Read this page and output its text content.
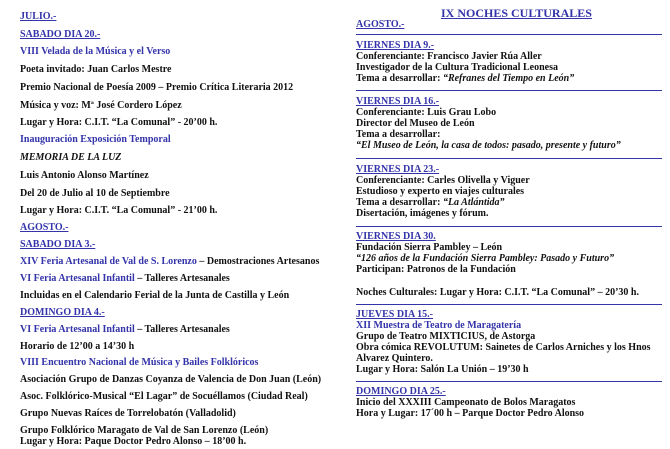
JULIO.-
SABADO DIA 20.-
VIII Velada de la Música y el Verso
Poeta invitado: Juan Carlos Mestre
Premio Nacional de Poesía 2009 – Premio Crítica Literaria 2012
Música y voz: Mª José Cordero López
Lugar y Hora: C.I.T. “La Comunal” - 20’00 h.
Inauguración Exposición Temporal
MEMORIA DE LA LUZ
Luis Antonio Alonso Martínez
Del 20 de Julio al 10 de Septiembre
Lugar y Hora: C.I.T. “La Comunal” - 21’00 h.
AGOSTO.-
SABADO DIA 3.-
XIV Feria Artesanal de Val de S. Lorenzo – Demostraciones Artesanos
VI Feria Artesanal Infantil – Talleres Artesanales
Incluidas en el Calendario Ferial de la Junta de Castilla y León
DOMINGO DIA 4.-
VI Feria Artesanal Infantil – Talleres Artesanales
Horario de 12’00 a 14’30 h
VIII Encuentro Nacional de Música y Bailes Folklóricos
Asociación Grupo de Danzas Coyanza de Valencia de Don Juan (León)
Asoc. Folklórico-Musical “El Lagar” de Socuéllamos (Ciudad Real)
Grupo Nuevas Raíces de Torrelobatón (Valladolid)
Grupo Folklórico Maragato de Val de San Lorenzo (León)
Lugar y Hora: Paque Doctor Pedro Alonso – 18’00 h.
IX NOCHES CULTURALES
AGOSTO.-
VIERNES DIA 9.-
Conferenciante: Francisco Javier Rúa Aller
Investigador de la Cultura Tradicional Leonesa
Tema a desarrollar: “Refranes del Tiempo en León”
VIERNES DIA 16.-
Conferenciante: Luis Grau Lobo
Director del Museo de León
Tema a desarrollar:
“El Museo de León, la casa de todos: pasado, presente y futuro”
VIERNES DIA 23.-
Conferenciante: Carles Olivella y Viguer
Estudioso y experto en viajes culturales
Tema a desarrollar: “La Atlántida”
Disertación, imágenes y fórum.
VIERNES DIA 30.
Fundación Sierra Pambley – León
“126 años de la Fundación Sierra Pambley: Pasado y Futuro”
Participan: Patronos de la Fundación
Noches Culturales: Lugar y Hora: C.I.T. “La Comunal” – 20’30 h.
JUEVES DIA 15.-
XII Muestra de Teatro de Maragatería
Grupo de Teatro MIXTICIUS, de Astorga
Obra cómica REVOLUTUM: Sainetes de Carlos Arniches y los Hnos
Alvarez Quintero.
Lugar y Hora: Salón La Unión – 19’30 h
DOMINGO DIA 25.-
Inicio del XXXIII Campeonato de Bolos Maragatos
Hora y Lugar: 17´00 h – Parque Doctor Pedro Alonso
